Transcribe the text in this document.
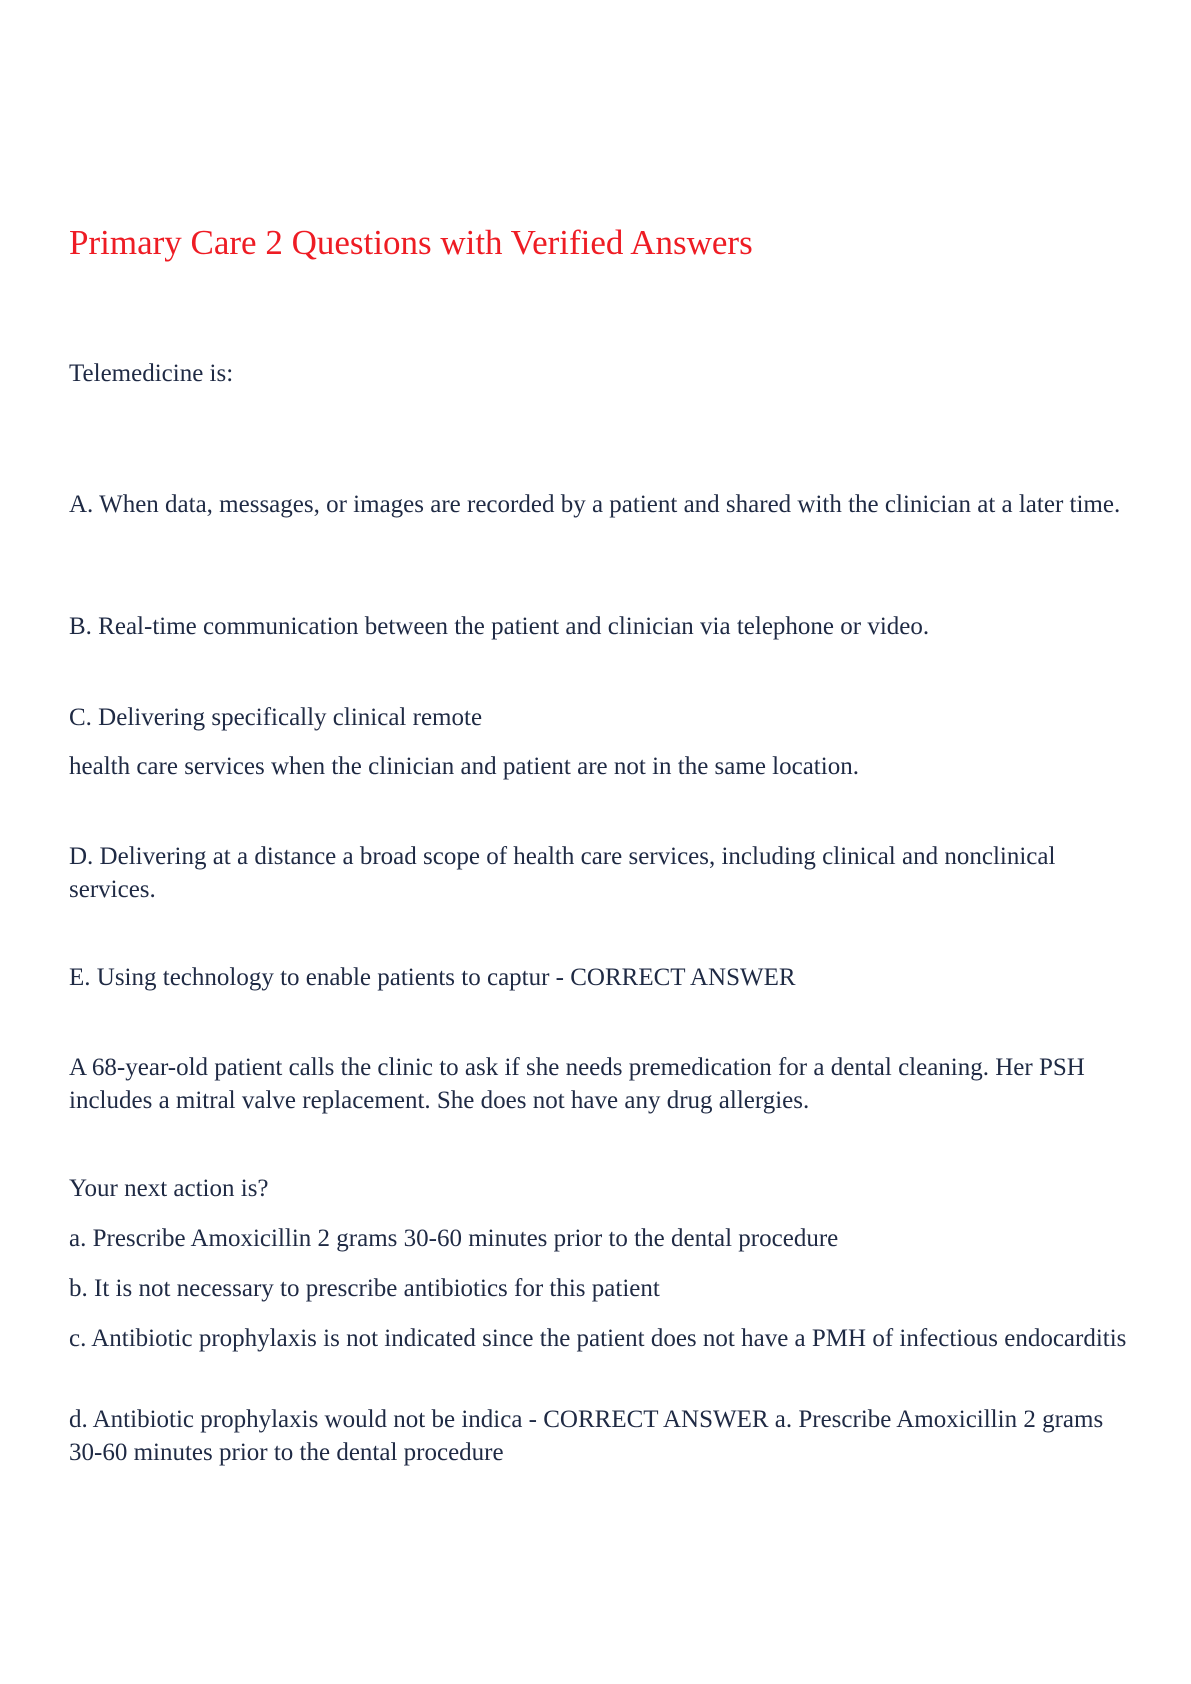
Primary Care 2 Questions with Verified Answers
Telemedicine is:
A. When data, messages, or images are recorded by a patient and shared with the clinician at a later time.
B. Real-time communication between the patient and clinician via telephone or video.
C. Delivering specifically clinical remote
health care services when the clinician and patient are not in the same location.
D. Delivering at a distance a broad scope of health care services, including clinical and nonclinical services.
E. Using technology to enable patients to captur - CORRECT ANSWER
A 68-year-old patient calls the clinic to ask if she needs premedication for a dental cleaning. Her PSH includes a mitral valve replacement. She does not have any drug allergies.
Your next action is?
a. Prescribe Amoxicillin 2 grams 30-60 minutes prior to the dental procedure
b. It is not necessary to prescribe antibiotics for this patient
c. Antibiotic prophylaxis is not indicated since the patient does not have a PMH of infectious endocarditis
d. Antibiotic prophylaxis would not be indica - CORRECT ANSWER a. Prescribe Amoxicillin 2 grams 30-60 minutes prior to the dental procedure
